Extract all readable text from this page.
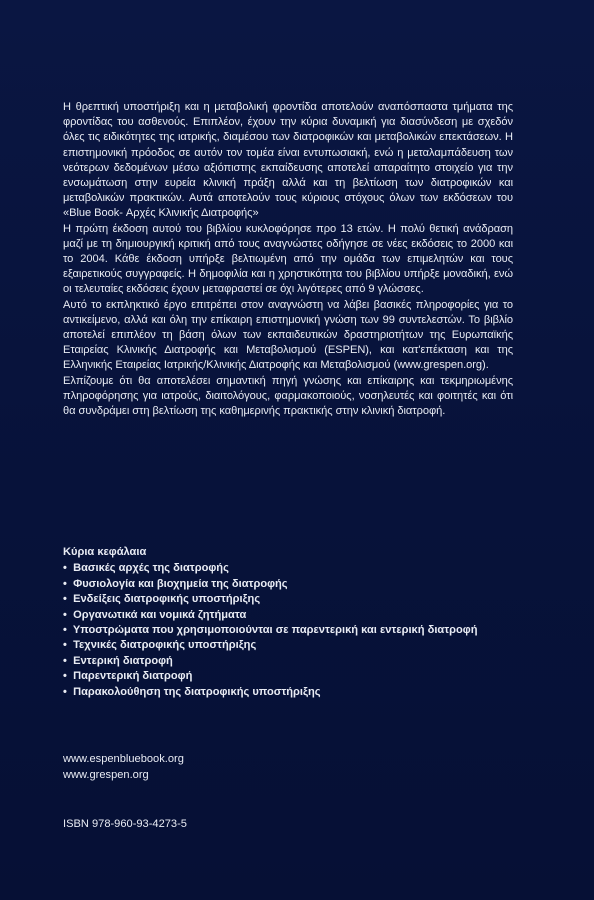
Η θρεπτική υποστήριξη και η μεταβολική φροντίδα αποτελούν αναπόσπαστα τμήματα της φροντίδας του ασθενούς. Επιπλέον, έχουν την κύρια δυναμική για διασύνδεση με σχεδόν όλες τις ειδικότητες της ιατρικής, διαμέσου των διατροφικών και μεταβολικών επεκτάσεων. Η επιστημονική πρόοδος σε αυτόν τον τομέα είναι εντυπωσιακή, ενώ η μεταλαμπάδευση των νεότερων δεδομένων μέσω αξιόπιστης εκπαίδευσης αποτελεί απαραίτητο στοιχείο για την ενσωμάτωση στην ευρεία κλινική πράξη αλλά και τη βελτίωση των διατροφικών και μεταβολικών πρακτικών. Αυτά αποτελούν τους κύριους στόχους όλων των εκδόσεων του «Blue Book- Αρχές Κλινικής Διατροφής»

Η πρώτη έκδοση αυτού του βιβλίου κυκλοφόρησε προ 13 ετών. Η πολύ θετική ανάδραση μαζί με τη δημιουργική κριτική από τους αναγνώστες οδήγησε σε νέες εκδόσεις το 2000 και το 2004. Κάθε έκδοση υπήρξε βελτιωμένη από την ομάδα των επιμελητών και τους εξαιρετικούς συγγραφείς. Η δημοφιλία και η χρηστικότητα του βιβλίου υπήρξε μοναδική, ενώ οι τελευταίες εκδόσεις έχουν μεταφραστεί σε όχι λιγότερες από 9 γλώσσες.

Αυτό το εκπληκτικό έργο επιτρέπει στον αναγνώστη να λάβει βασικές πληροφορίες για το αντικείμενο, αλλά και όλη την επίκαιρη επιστημονική γνώση των 99 συντελεστών. Το βιβλίο αποτελεί επιπλέον τη βάση όλων των εκπαιδευτικών δραστηριοτήτων της Ευρωπαϊκής Εταιρείας Κλινικής Διατροφής και Μεταβολισμού (ESPEN), και κατ'επέκταση και της Ελληνικής Εταιρείας Ιατρικής/Κλινικής Διατροφής και Μεταβολισμού (www.grespen.org).

Ελπίζουμε ότι θα αποτελέσει σημαντική πηγή γνώσης και επίκαιρης και τεκμηριωμένης πληροφόρησης για ιατρούς, διαιτολόγους, φαρμακοποιούς, νοσηλευτές και φοιτητές και ότι θα συνδράμει στη βελτίωση της καθημερινής πρακτικής στην κλινική διατροφή.

Κύρια κεφάλαια
• Βασικές αρχές της διατροφής
• Φυσιολογία και βιοχημεία της διατροφής
• Ενδείξεις διατροφικής υποστήριξης
• Οργανωτικά και νομικά ζητήματα
• Υποστρώματα που χρησιμοποιούνται σε παρεντερική και εντερική διατροφή
• Τεχνικές διατροφικής υποστήριξης
• Εντερική διατροφή
• Παρεντερική διατροφή
• Παρακολούθηση της διατροφικής υποστήριξης
www.espenbluebook.org
www.grespen.org
ISBN 978-960-93-4273-5
